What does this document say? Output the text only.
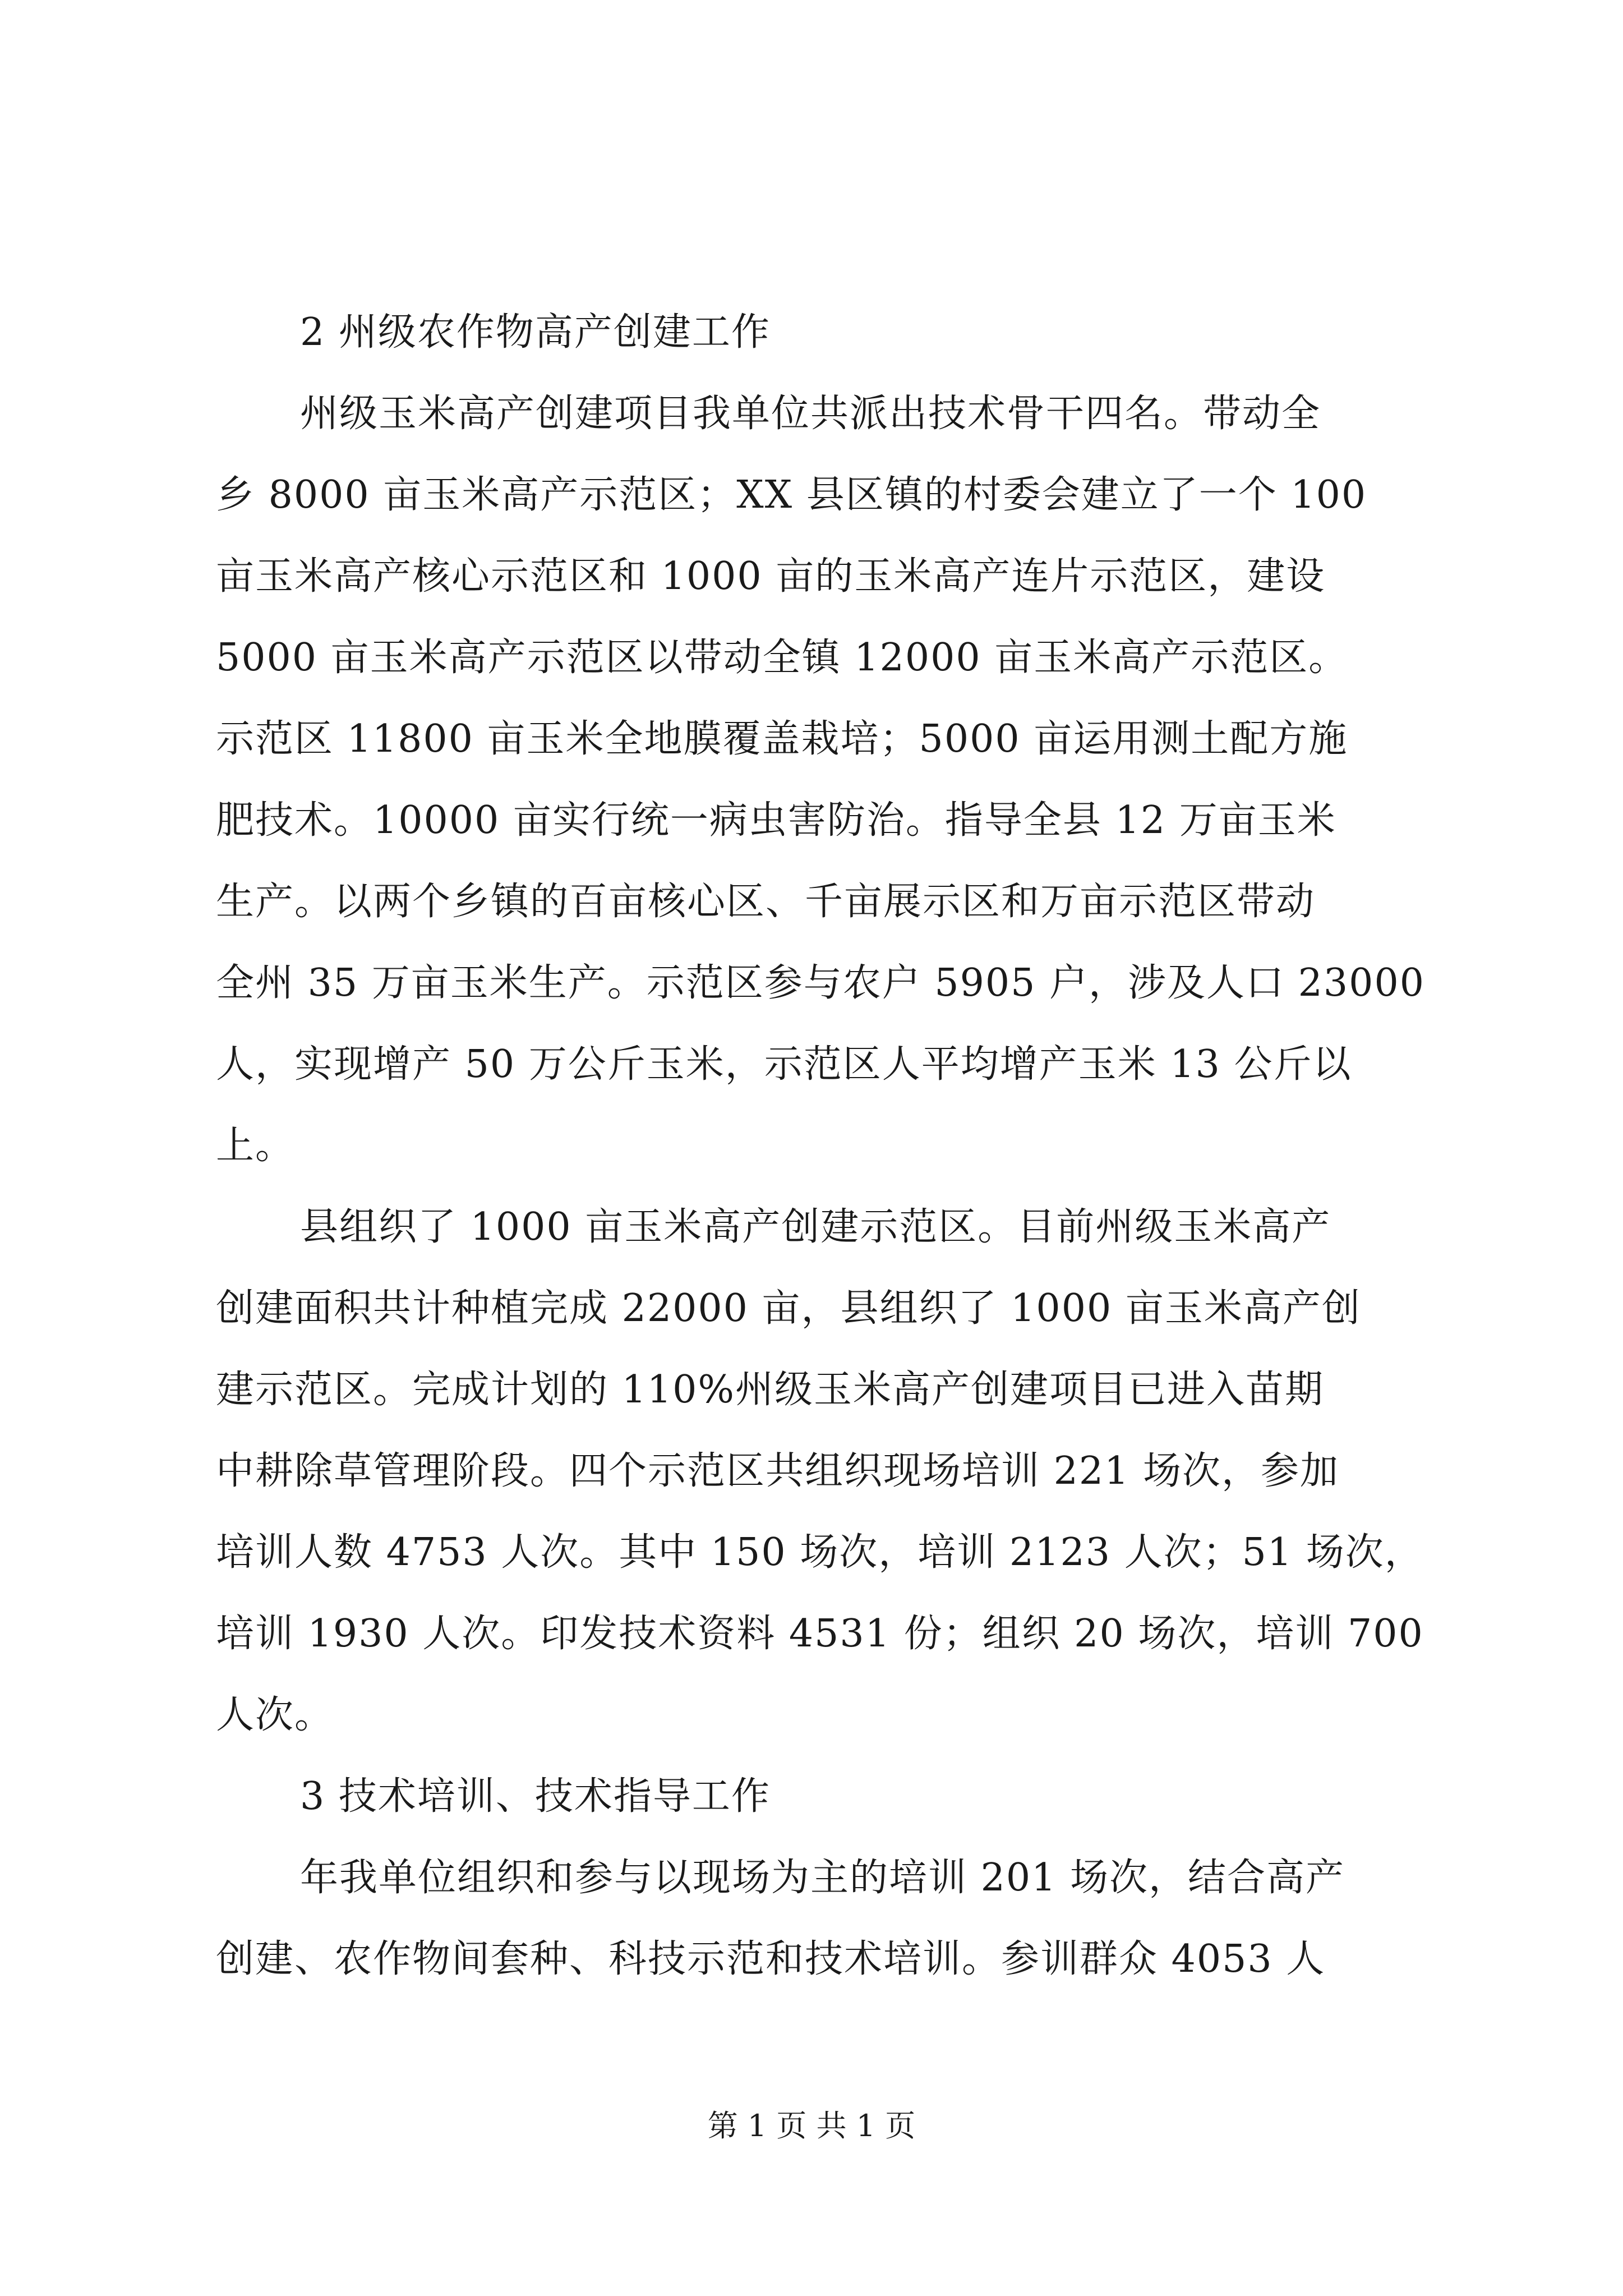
2 州级农作物高产创建工作
州级玉米高产创建项目我单位共派出技术骨干四名。带动全
乡 8000 亩玉米高产示范区；XX 县区镇的村委会建立了一个 100
亩玉米高产核心示范区和 1000 亩的玉米高产连片示范区，建设
5000 亩玉米高产示范区以带动全镇 12000 亩玉米高产示范区。
示范区 11800 亩玉米全地膜覆盖栽培；5000 亩运用测土配方施
肥技术。10000 亩实行统一病虫害防治。指导全县 12 万亩玉米
生产。以两个乡镇的百亩核心区、千亩展示区和万亩示范区带动
全州 35 万亩玉米生产。示范区参与农户 5905 户，涉及人口 23000
人，实现增产 50 万公斤玉米，示范区人平均增产玉米 13 公斤以
上。
县组织了 1000 亩玉米高产创建示范区。目前州级玉米高产
创建面积共计种植完成 22000 亩，县组织了 1000 亩玉米高产创
建示范区。完成计划的 110%州级玉米高产创建项目已进入苗期
中耕除草管理阶段。四个示范区共组织现场培训 221 场次，参加
培训人数 4753 人次。其中 150 场次，培训 2123 人次；51 场次，
培训 1930 人次。印发技术资料 4531 份；组织 20 场次，培训 700
人次。
3 技术培训、技术指导工作
年我单位组织和参与以现场为主的培训 201 场次，结合高产
创建、农作物间套种、科技示范和技术培训。参训群众 4053 人
第 1 页 共 1 页
